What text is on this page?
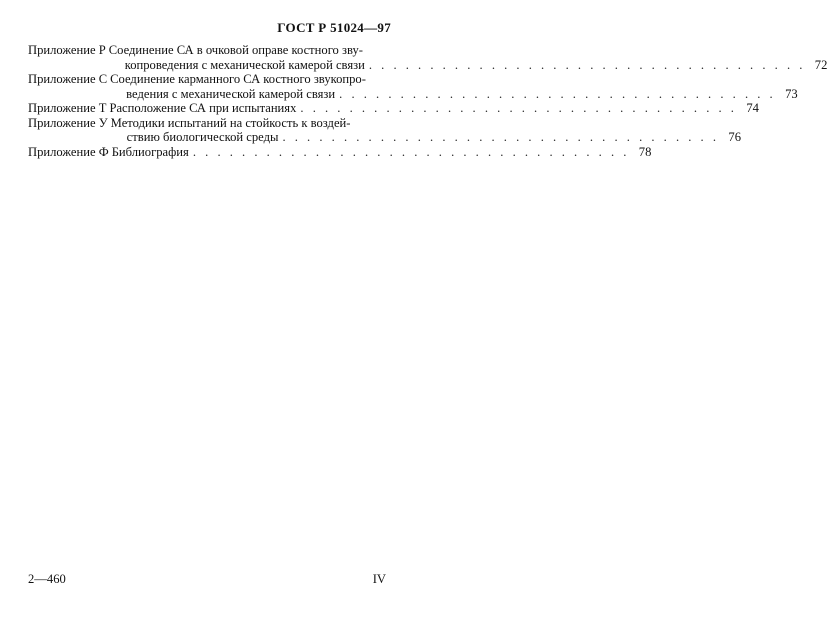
ГОСТ Р 51024—97
Приложение Р Соединение СА в очковой оправе костного зву-
копроведения с механической камерой связи . . . . . . . . . . . . . . . . . . . . . . . . . . . . . . . . . . . . 72
Приложение С Соединение карманного СА костного звукопро-
ведения с механической камерой связи . . . . . . . . . . . . . . . . . . . . . . . . . . . . . . . . . . . . 73
Приложение Т Расположение СА при испытаниях . . . . . . . . . . . . . . . . . . . . . . . . . . . . . . . . . . . . 74
Приложение У Методики испытаний на стойкость к воздей-
ствию биологической среды . . . . . . . . . . . . . . . . . . . . . . . . . . . . . . . . . . . . 76
Приложение Ф Библиография . . . . . . . . . . . . . . . . . . . . . . . . . . . . . . . . . . . . 78
2—460	IV
